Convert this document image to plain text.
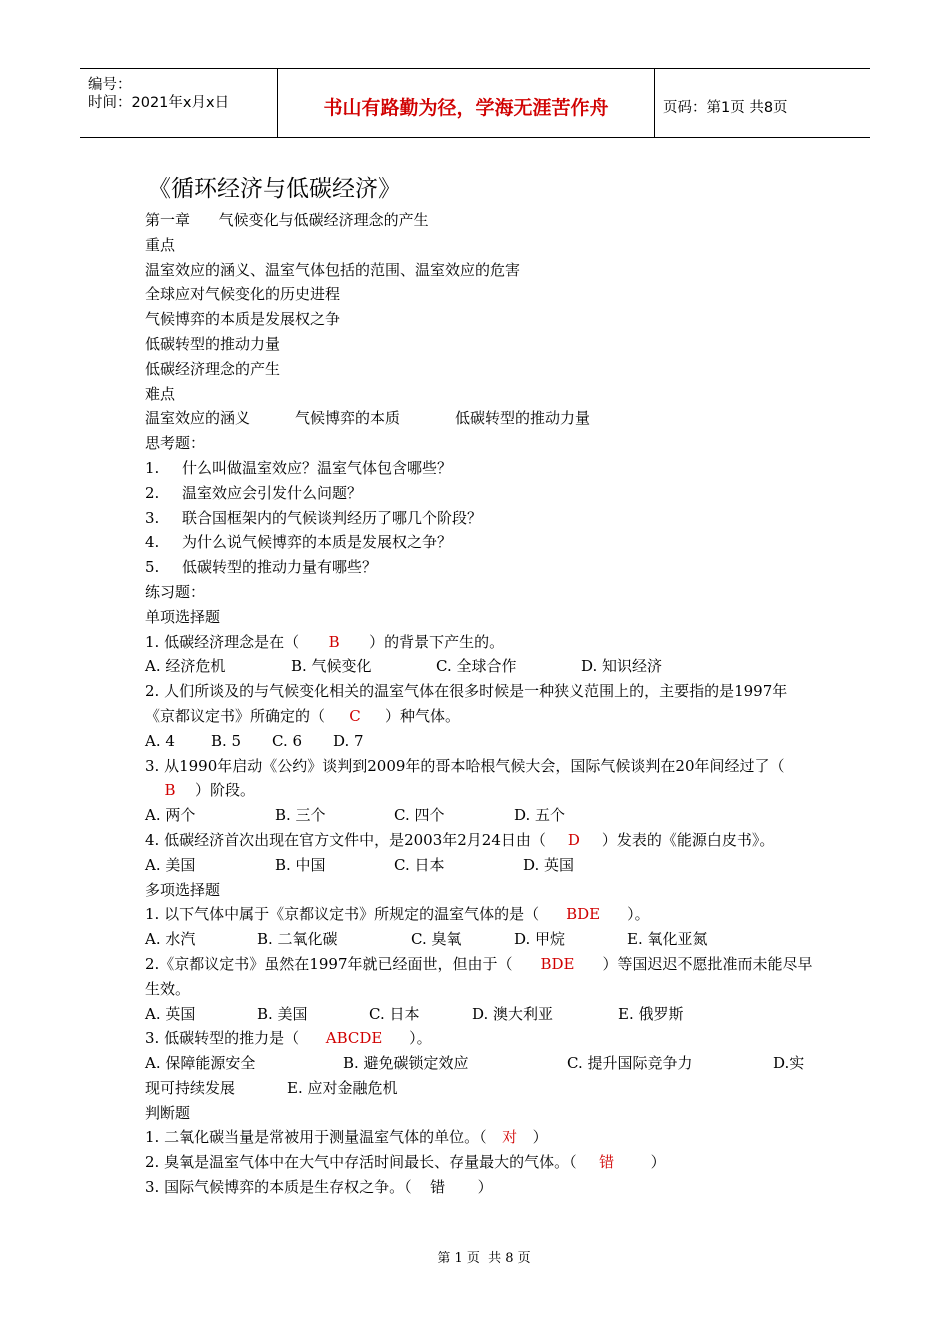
编号：
时间：2021年x月x日	书山有路勤为径，学海无涯苦作舟	页码：第1页 共8页
《循环经济与低碳经济》
第一章      气候变化与低碳经济理念的产生
重点
温室效应的涵义、温室气体包括的范围、温室效应的危害
全球应对气候变化的历史进程
气候博弈的本质是发展权之争
低碳转型的推动力量
低碳经济理念的产生
难点
温室效应的涵义	气候博弈的本质	低碳转型的推动力量
思考题：
1. 什么叫做温室效应？温室气体包含哪些？
2. 温室效应会引发什么问题？
3. 联合国框架内的气候谈判经历了哪几个阶段？
4. 为什么说气候博弈的本质是发展权之争？
5. 低碳转型的推动力量有哪些？
练习题：
单项选择题
1. 低碳经济理念是在（ B ）的背景下产生的。
A. 经济危机	B. 气候变化	C. 全球合作	D. 知识经济
2. 人们所谈及的与气候变化相关的温室气体在很多时候是一种狭义范围上的，主要指的是1997年《京都议定书》所确定的（ C ）种气体。
A. 4 B. 5 C. 6 D. 7
3. 从1990年启动《公约》谈判到2009年的哥本哈根气候大会，国际气候谈判在20年间经过了（B ）阶段。
A. 两个	B. 三个	C. 四个	D. 五个
4. 低碳经济首次出现在官方文件中，是2003年2月24日由（ D ）发表的《能源白皮书》。
A. 美国	B. 中国	C. 日本	D. 英国
多项选择题
1. 以下气体中属于《京都议定书》所规定的温室气体的是（ BDE ）。
A. 水汽	B. 二氧化碳	C. 臭氧	D. 甲烷	E. 氧化亚氮
2.《京都议定书》虽然在1997年就已经面世，但由于（ BDE ）等国迟迟不愿批准而未能尽早生效。
A. 英国	B. 美国	C. 日本	D. 澳大利亚	E. 俄罗斯
3. 低碳转型的推力是（ ABCDE ）。
A. 保障能源安全	B. 避免碳锁定效应	C. 提升国际竞争力	D.实现可持续发展	E. 应对金融危机
判断题
1. 二氧化碳当量是常被用于测量温室气体的单位。（ 对 ）
2. 臭氧是温室气体中在大气中存活时间最长、存量最大的气体。（ 错 ）
3. 国际气候博弈的本质是生存权之争。（ 错 ）
第 1 页  共 8 页
